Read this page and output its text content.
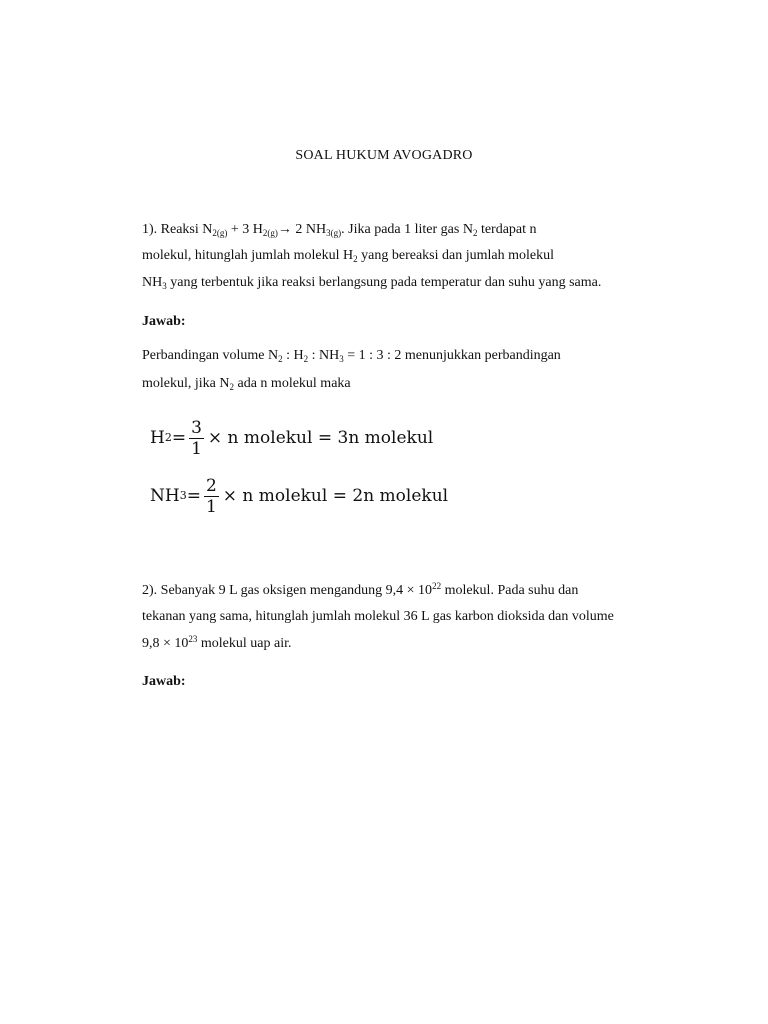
SOAL HUKUM AVOGADRO
1). Reaksi $N_{2(g)} + 3$ $H_{2(g)}\to 2$ $NH_{3(g)}$. Jika pada 1 liter gas $N_2$ terdapat n
molekul, hitunglah jumlah molekul $H_2$ yang bereaksi dan jumlah molekul
$NH_3$ yang terbentuk jika reaksi berlangsung pada temperatur dan suhu yang sama.
Jawab:
Perbandingan volume $N_2$ : $H_2$ : $NH_3 = 1$ : 3 : 2 menunjukkan perbandingan
molekul, jika $N_2$ ada n molekul maka
H $2 = \frac{3}{1} \times n$ molekul = 3n molekul
NH $3 = \frac{2}{1} \times n$ molekul = 2n molekul
2). Sebanyak 9 L gas oksigen mengandung $9,4 \times 10^{22}$ molekul. Pada suhu dan
tekanan yang sama, hitunglah jumlah molekul 36 L gas karbon dioksida dan volume
$9,8 \times 10^{23}$ molekul uap air.
Jawab:
